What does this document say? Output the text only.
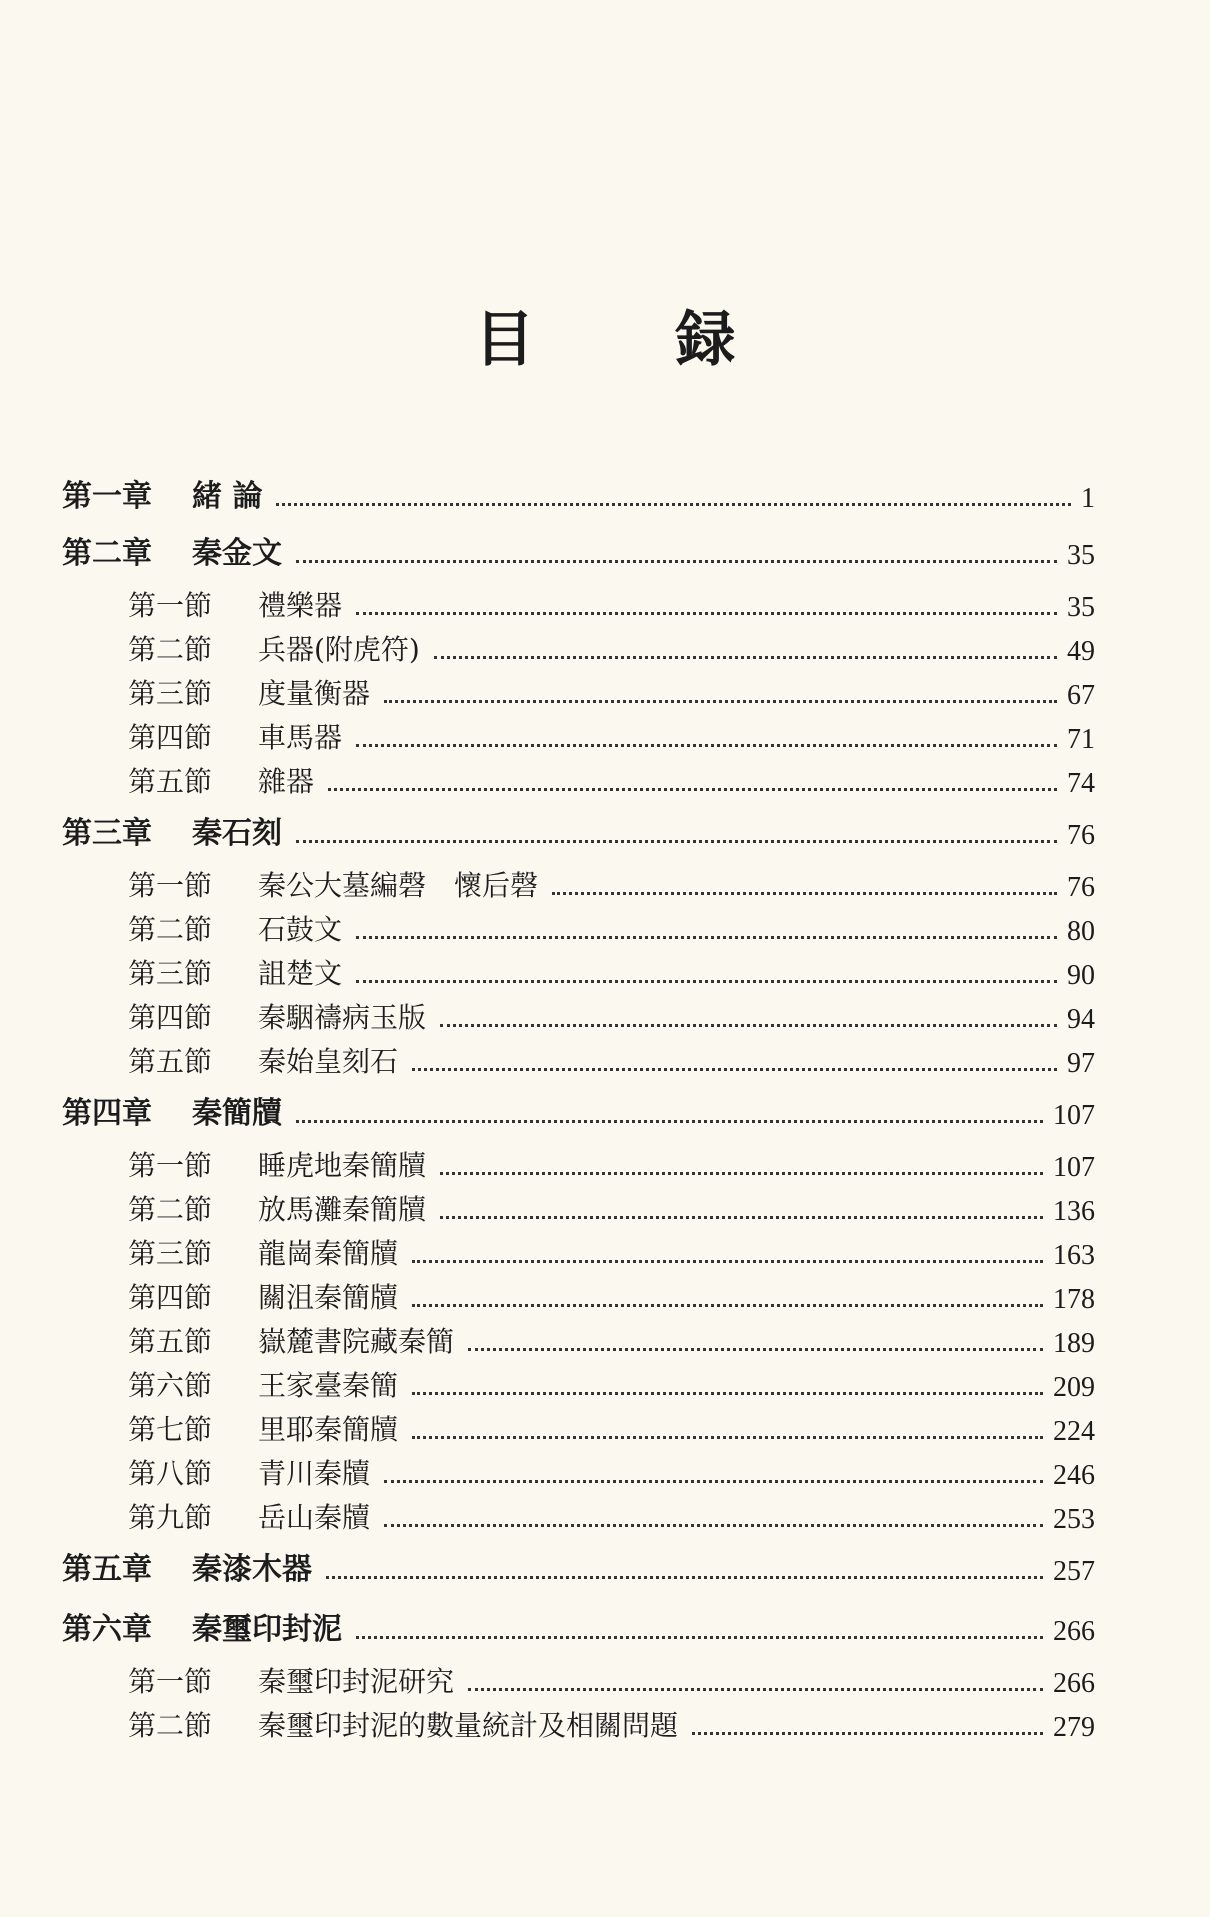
目 録
第一章 緒 論	1
第二章 秦金文	35
第一節 禮樂器	35
第二節 兵器(附虎符)	49
第三節 度量衡器	67
第四節 車馬器	71
第五節 雜器	74
第三章 秦石刻	76
第一節 秦公大墓編磬　懷后磬	76
第二節 石鼓文	80
第三節 詛楚文	90
第四節 秦駰禱病玉版	94
第五節 秦始皇刻石	97
第四章 秦簡牘	107
第一節 睡虎地秦簡牘	107
第二節 放馬灘秦簡牘	136
第三節 龍崗秦簡牘	163
第四節 關沮秦簡牘	178
第五節 嶽麓書院藏秦簡	189
第六節 王家臺秦簡	209
第七節 里耶秦簡牘	224
第八節 青川秦牘	246
第九節 岳山秦牘	253
第五章 秦漆木器	257
第六章 秦璽印封泥	266
第一節 秦璽印封泥研究	266
第二節 秦璽印封泥的數量統計及相關問題	279
